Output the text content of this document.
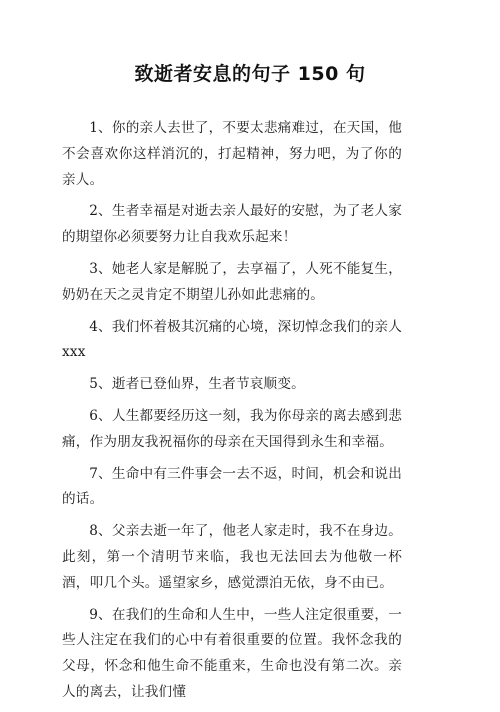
致逝者安息的句子 150 句

1、你的亲人去世了，不要太悲痛难过，在天国，他不会喜欢你这样消沉的，打起精神，努力吧，为了你的亲人。

2、生者幸福是对逝去亲人最好的安慰，为了老人家的期望你必须要努力让自我欢乐起来！

3、她老人家是解脱了，去享福了，人死不能复生，奶奶在天之灵肯定不期望儿孙如此悲痛的。

4、我们怀着极其沉痛的心境，深切悼念我们的亲人 xxx

5、逝者已登仙界，生者节哀顺变。

6、人生都要经历这一刻，我为你母亲的离去感到悲痛，作为朋友我祝福你的母亲在天国得到永生和幸福。

7、生命中有三件事会一去不返，时间，机会和说出的话。

8、父亲去逝一年了，他老人家走时，我不在身边。此刻，第一个清明节来临，我也无法回去为他敬一杯酒，叩几个头。遥望家乡，感觉漂泊无依，身不由已。

9、在我们的生命和人生中，一些人注定很重要，一些人注定在我们的心中有着很重要的位置。我怀念我的父母，怀念和他生命不能重来，生命也没有第二次。亲人的离去，让我们懂
